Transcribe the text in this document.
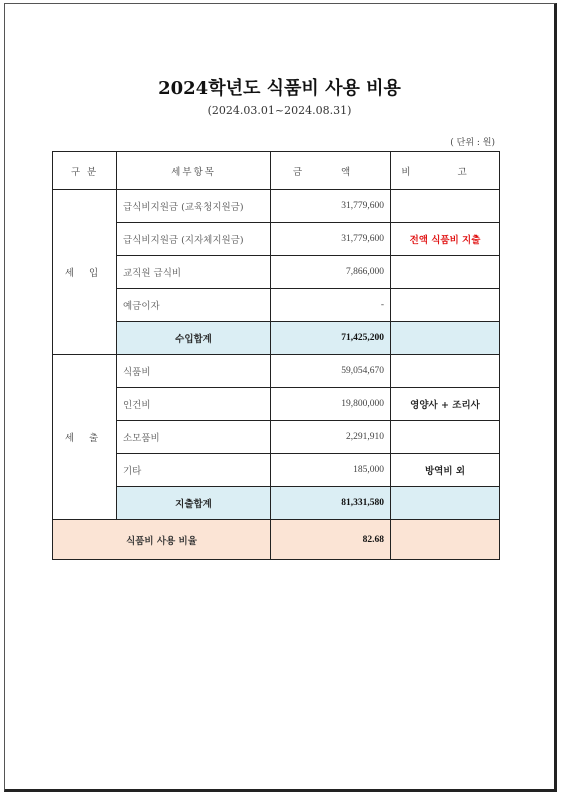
2024학년도 식품비 사용 비용
(2024.03.01~2024.08.31)
( 단위 : 원)
구 분	세부항목	금 액	비 고
세 입	급식비지원금 (교육청지원금)	31,779,600	
	급식비지원금 (지자체지원금)	31,779,600	전액 식품비 지출
	교직원 급식비	7,866,000	
	예금이자	-	
	수입합계	71,425,200	
세 출	식품비	59,054,670	
	인건비	19,800,000	영양사 + 조리사
	소모품비	2,291,910	
	기타	185,000	방역비 외
	지출합계	81,331,580	
식품비 사용 비율		82.68	
